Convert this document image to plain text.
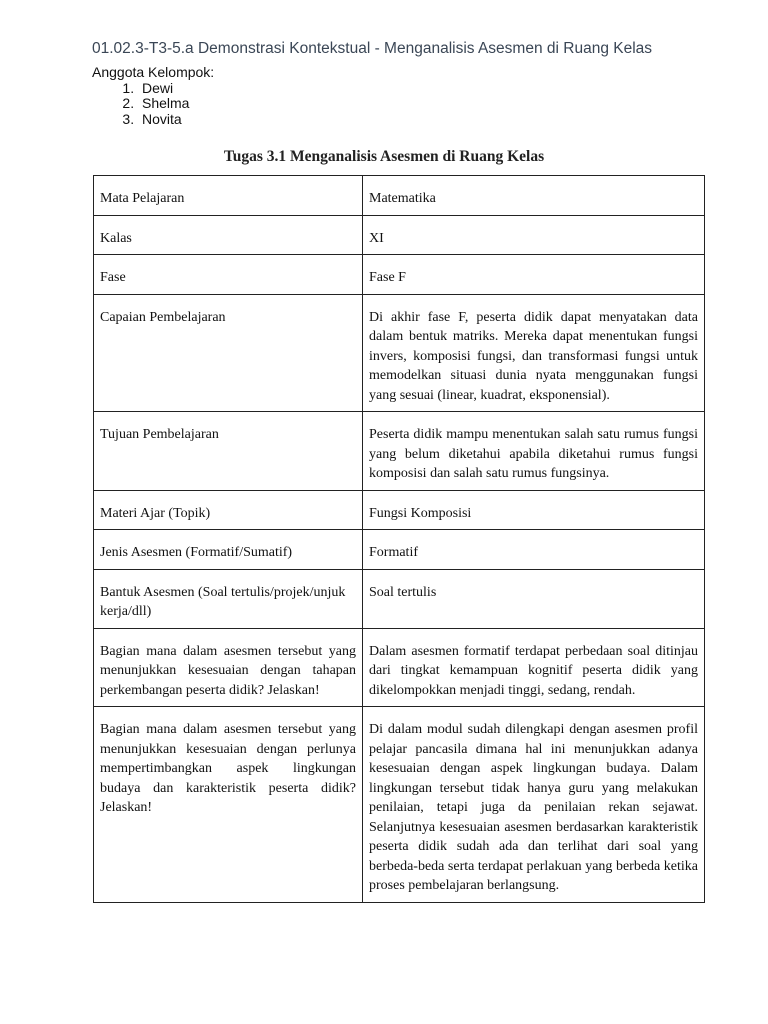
01.02.3-T3-5.a Demonstrasi Kontekstual - Menganalisis Asesmen di Ruang Kelas
Anggota Kelompok:
1. Dewi
2. Shelma
3. Novita
Tugas 3.1 Menganalisis Asesmen di Ruang Kelas
Mata Pelajaran	Matematika
Kalas	XI
Fase	Fase F
Capaian Pembelajaran	Di akhir fase F, peserta didik dapat menyatakan data dalam bentuk matriks. Mereka dapat menentukan fungsi invers, komposisi fungsi, dan transformasi fungsi untuk memodelkan situasi dunia nyata menggunakan fungsi yang sesuai (linear, kuadrat, eksponensial).
Tujuan Pembelajaran	Peserta didik mampu menentukan salah satu rumus fungsi yang belum diketahui apabila diketahui rumus fungsi komposisi dan salah satu rumus fungsinya.
Materi Ajar (Topik)	Fungsi Komposisi
Jenis Asesmen (Formatif/Sumatif)	Formatif
Bantuk Asesmen (Soal tertulis/projek/unjuk kerja/dll)	Soal tertulis
Bagian mana dalam asesmen tersebut yang menunjukkan kesesuaian dengan tahapan perkembangan peserta didik? Jelaskan!	Dalam asesmen formatif terdapat perbedaan soal ditinjau dari tingkat kemampuan kognitif peserta didik yang dikelompokkan menjadi tinggi, sedang, rendah.
Bagian mana dalam asesmen tersebut yang menunjukkan kesesuaian dengan perlunya mempertimbangkan aspek lingkungan budaya dan karakteristik peserta didik? Jelaskan!	Di dalam modul sudah dilengkapi dengan asesmen profil pelajar pancasila dimana hal ini menunjukkan adanya kesesuaian dengan aspek lingkungan budaya. Dalam lingkungan tersebut tidak hanya guru yang melakukan penilaian, tetapi juga da penilaian rekan sejawat. Selanjutnya kesesuaian asesmen berdasarkan karakteristik peserta didik sudah ada dan terlihat dari soal yang berbeda-beda serta terdapat perlakuan yang berbeda ketika proses pembelajaran berlangsung.
